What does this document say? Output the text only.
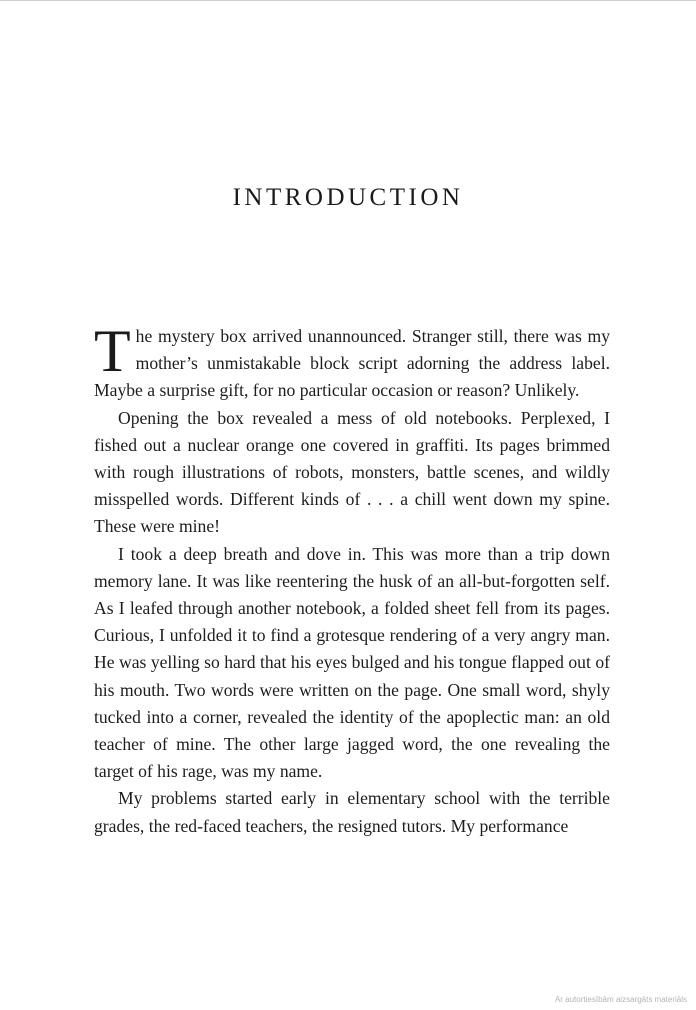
INTRODUCTION

The mystery box arrived unannounced. Stranger still, there was my mother’s unmistakable block script adorning the address label. Maybe a surprise gift, for no particular occasion or reason? Unlikely.

Opening the box revealed a mess of old notebooks. Perplexed, I fished out a nuclear orange one covered in graffiti. Its pages brimmed with rough illustrations of robots, monsters, battle scenes, and wildly misspelled words. Different kinds of . . . a chill went down my spine. These were mine!

I took a deep breath and dove in. This was more than a trip down memory lane. It was like reentering the husk of an all-but-forgotten self. As I leafed through another notebook, a folded sheet fell from its pages. Curious, I unfolded it to find a grotesque rendering of a very angry man. He was yelling so hard that his eyes bulged and his tongue flapped out of his mouth. Two words were written on the page. One small word, shyly tucked into a corner, revealed the identity of the apoplectic man: an old teacher of mine. The other large jagged word, the one revealing the target of his rage, was my name.

My problems started early in elementary school with the terrible grades, the red-faced teachers, the resigned tutors. My performance

Ar autortiesībām aizsargāts materiāls
